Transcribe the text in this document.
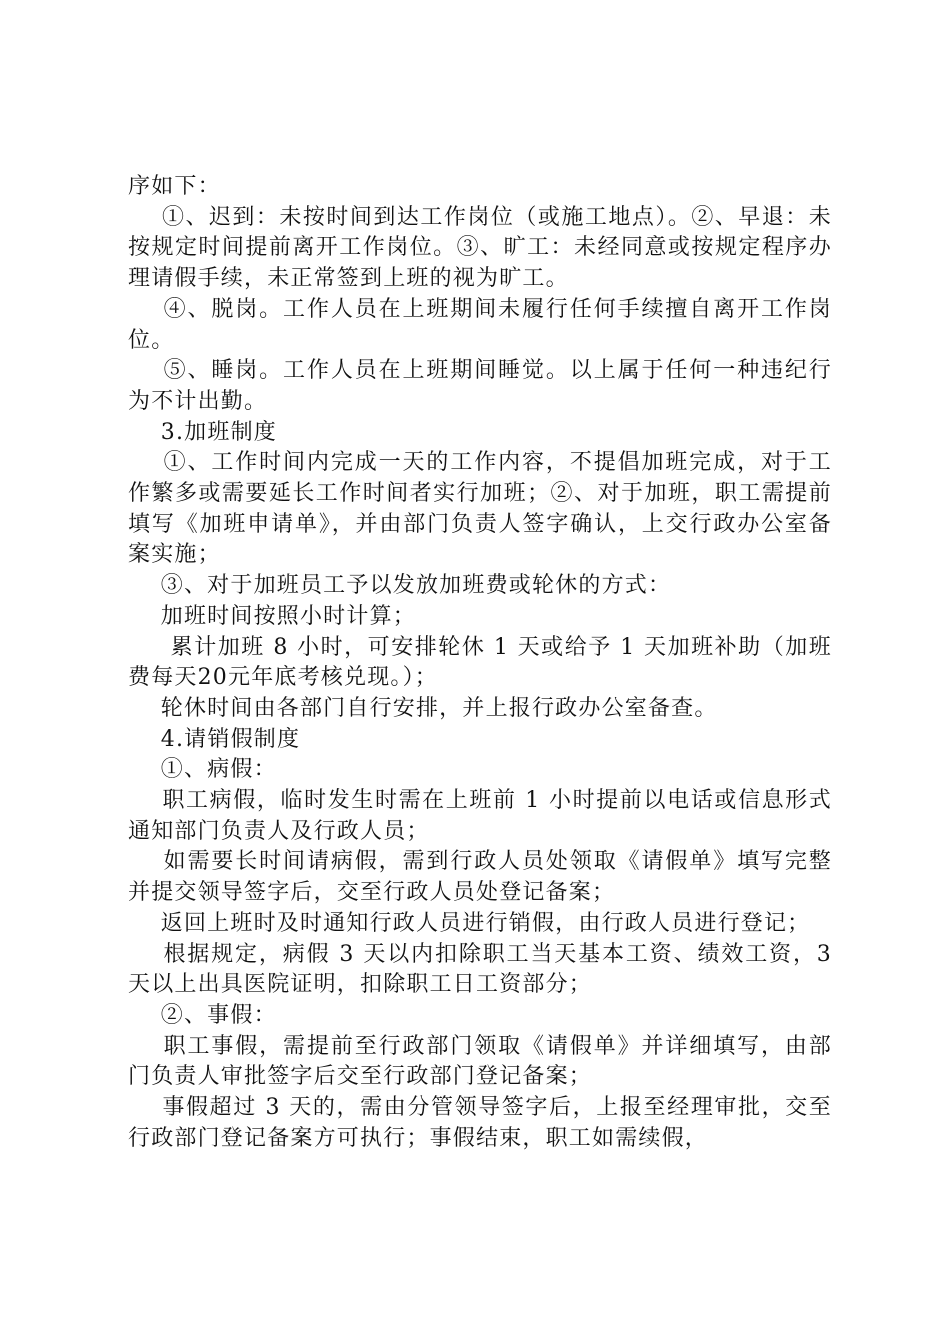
序如下：

①、迟到：未按时间到达工作岗位（或施工地点）。②、早退：未按规定时间提前离开工作岗位。③、旷工：未经同意或按规定程序办理请假手续，未正常签到上班的视为旷工。

④、脱岗。工作人员在上班期间未履行任何手续擅自离开工作岗位。

⑤、睡岗。工作人员在上班期间睡觉。以上属于任何一种违纪行为不计出勤。

3.加班制度

①、工作时间内完成一天的工作内容，不提倡加班完成，对于工作繁多或需要延长工作时间者实行加班；②、对于加班，职工需提前填写《加班申请单》，并由部门负责人签字确认，上交行政办公室备案实施；

③、对于加班员工予以发放加班费或轮休的方式：

加班时间按照小时计算；

累计加班 8 小时，可安排轮休 1 天或给予 1 天加班补助（加班费每天20元年底考核兑现。）；

轮休时间由各部门自行安排，并上报行政办公室备查。

4.请销假制度

①、病假：

职工病假，临时发生时需在上班前 1 小时提前以电话或信息形式通知部门负责人及行政人员；

如需要长时间请病假，需到行政人员处领取《请假单》填写完整并提交领导签字后，交至行政人员处登记备案；

返回上班时及时通知行政人员进行销假，由行政人员进行登记；

根据规定，病假 3 天以内扣除职工当天基本工资、绩效工资，3 天以上出具医院证明，扣除职工日工资部分；

②、事假：

职工事假，需提前至行政部门领取《请假单》并详细填写，由部门负责人审批签字后交至行政部门登记备案；

事假超过 3 天的，需由分管领导签字后，上报至经理审批，交至行政部门登记备案方可执行；事假结束，职工如需续假，
